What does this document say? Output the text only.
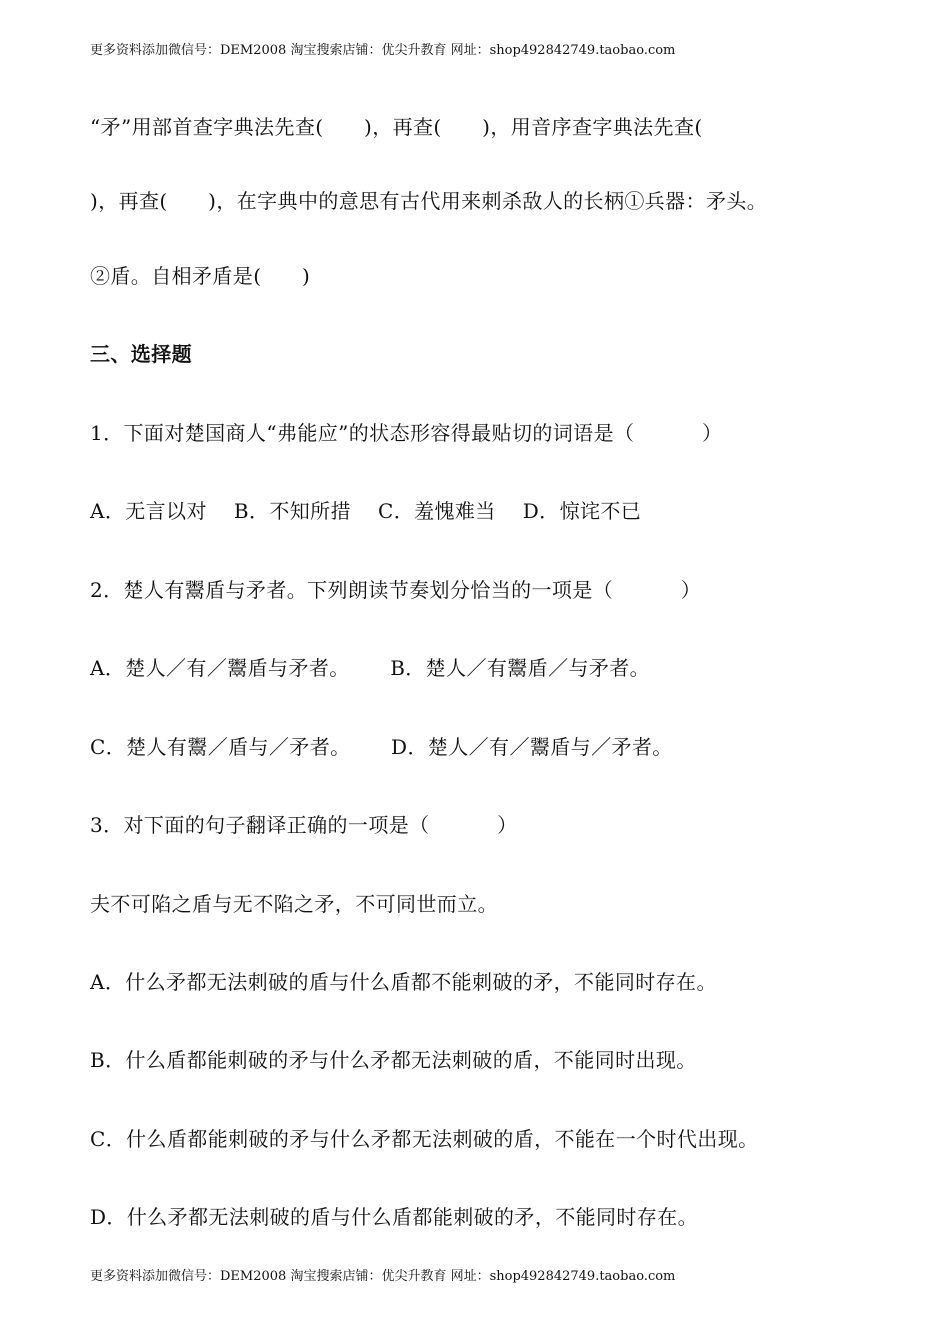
更多资料添加微信号：DEM2008 淘宝搜索店铺：优尖升教育 网址：shop492842749.taobao.com
“矛”用部首查字典法先查(      )，再查(      )，用音序查字典法先查(
)，再查(      )，在字典中的意思有古代用来刺杀敌人的长柄①兵器：矛头。
②盾。自相矛盾是(      )
三、选择题
1．下面对楚国商人“弗能应”的状态形容得最贴切的词语是（          ）
A．无言以对    B．不知所措    C．羞愧难当    D．惊诧不已
2．楚人有鬻盾与矛者。下列朗读节奏划分恰当的一项是（          ）
A．楚人／有／鬻盾与矛者。      B．楚人／有鬻盾／与矛者。
C．楚人有鬻／盾与／矛者。      D．楚人／有／鬻盾与／矛者。
3．对下面的句子翻译正确的一项是（          ）
夫不可陷之盾与无不陷之矛，不可同世而立。
A．什么矛都无法刺破的盾与什么盾都不能刺破的矛，不能同时存在。
B．什么盾都能刺破的矛与什么矛都无法刺破的盾，不能同时出现。
C．什么盾都能刺破的矛与什么矛都无法刺破的盾，不能在一个时代出现。
D．什么矛都无法刺破的盾与什么盾都能刺破的矛，不能同时存在。
更多资料添加微信号：DEM2008 淘宝搜索店铺：优尖升教育 网址：shop492842749.taobao.com
